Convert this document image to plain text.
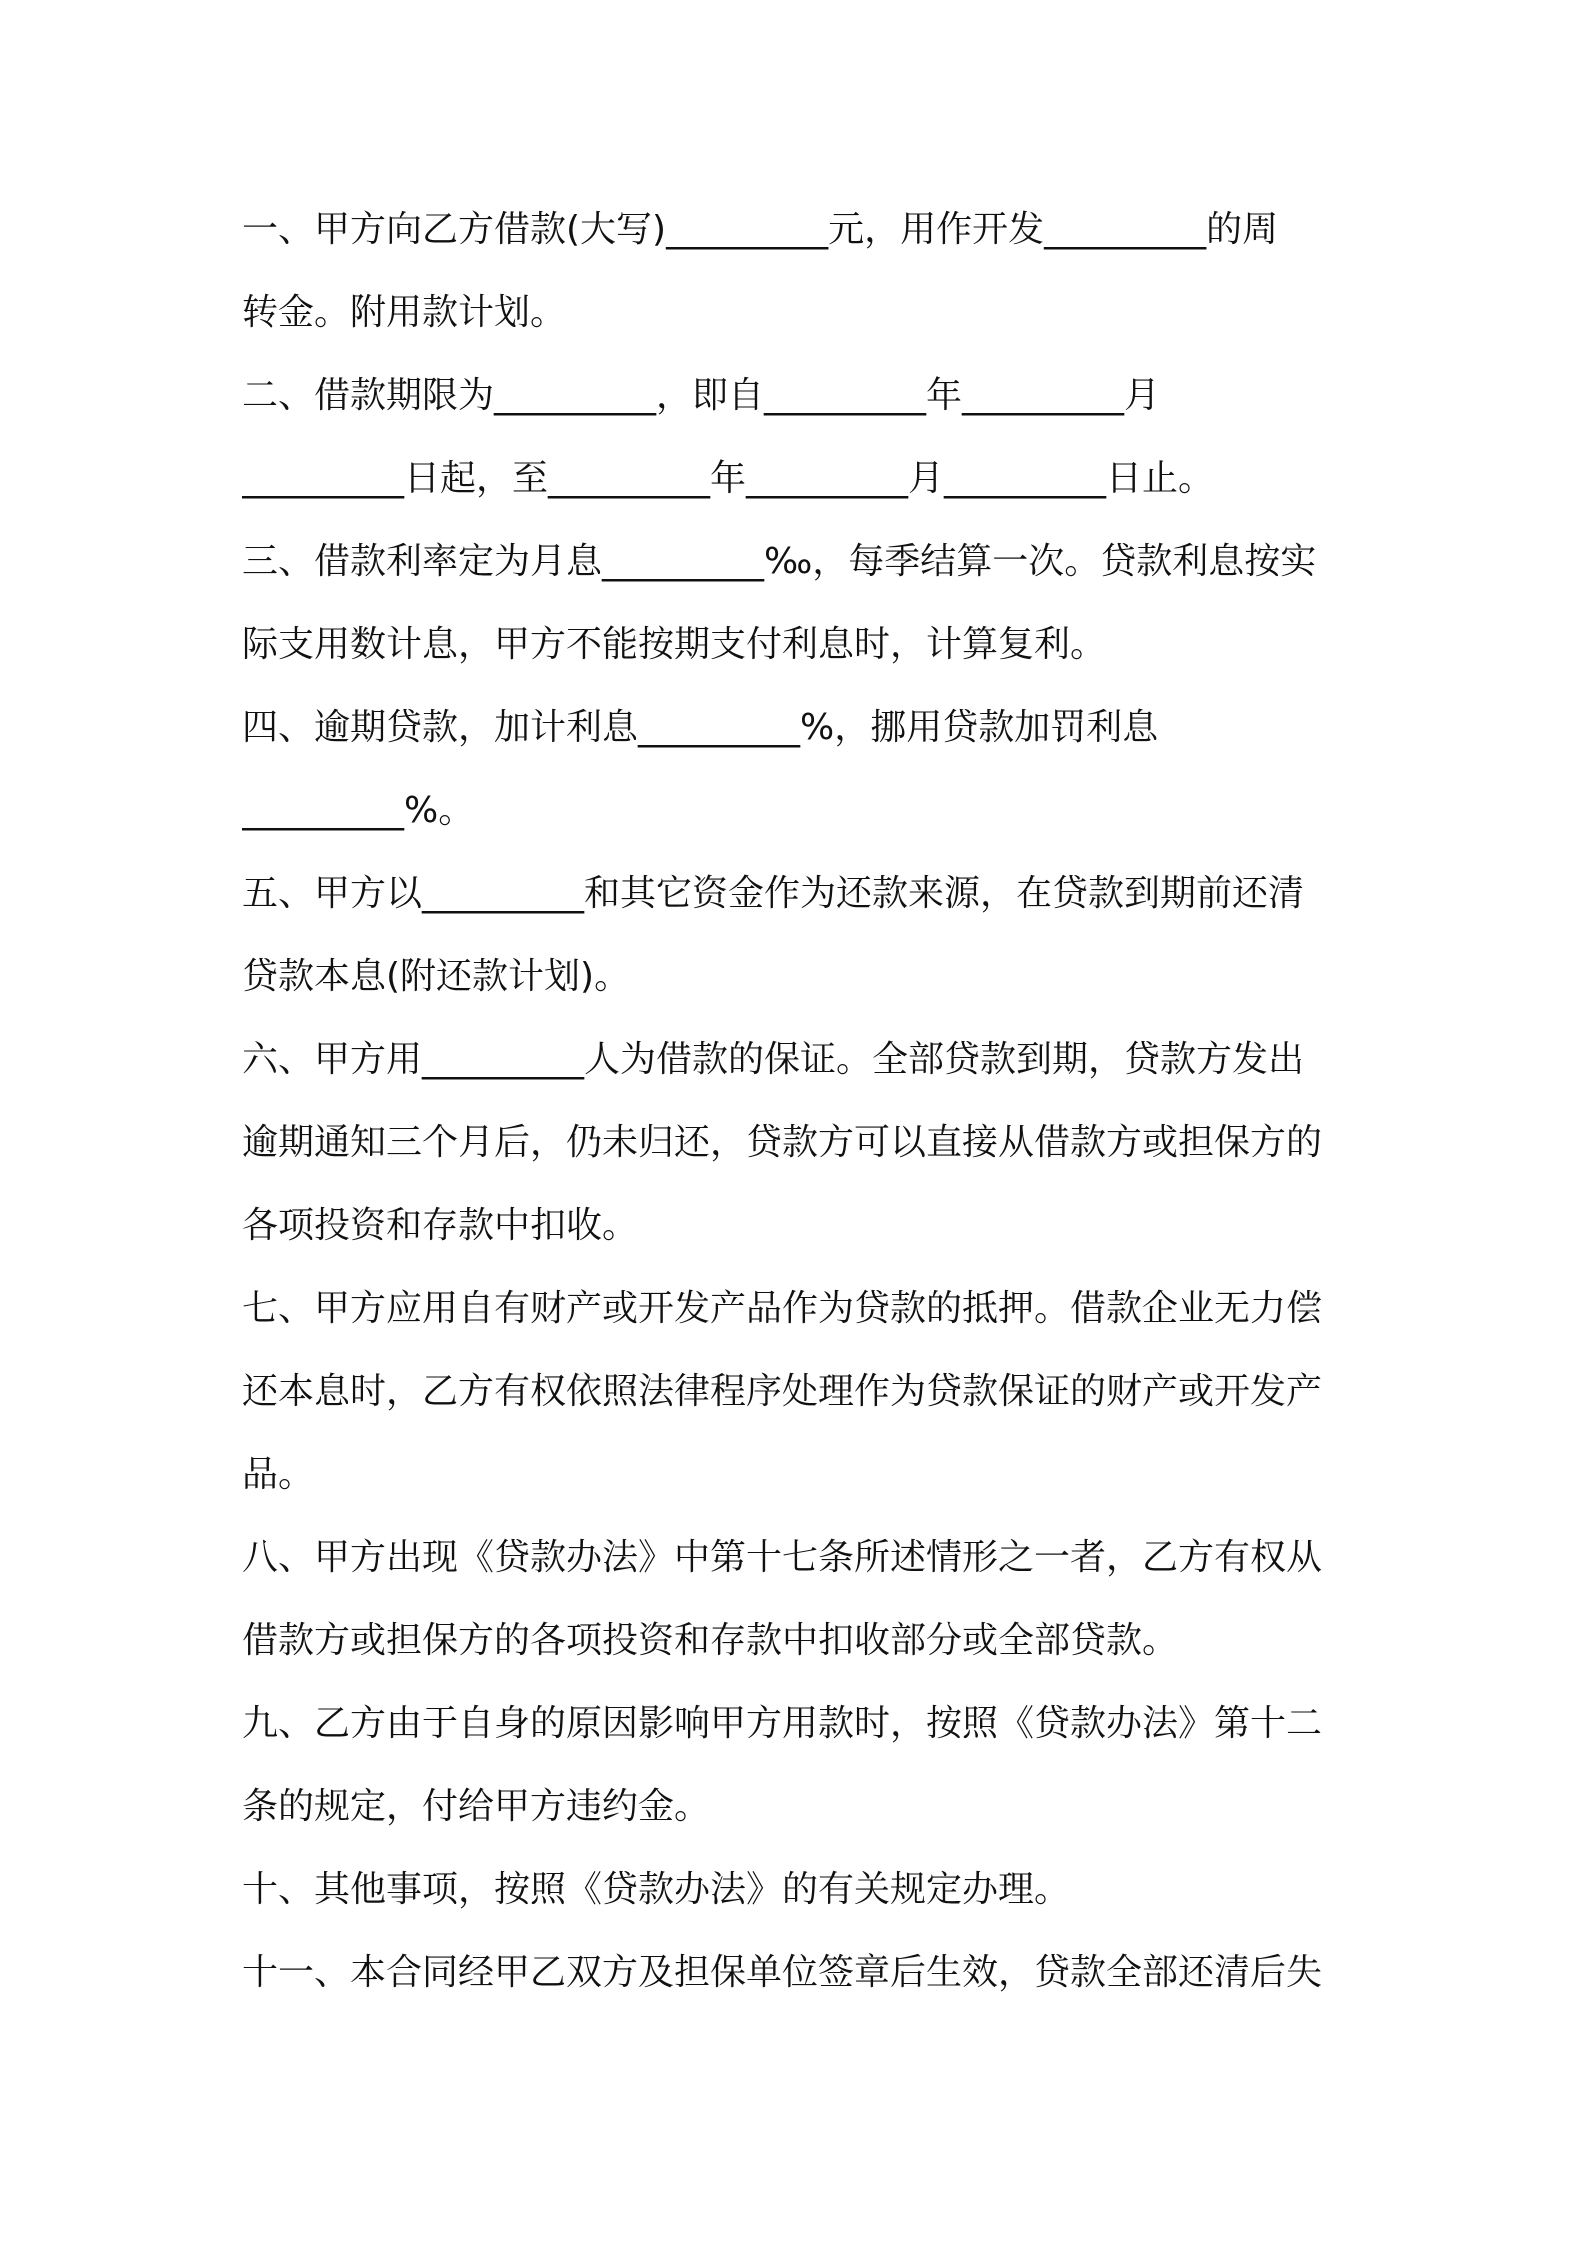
一、甲方向乙方借款(大写)_________元，用作开发_________的周
转金。附用款计划。
二、借款期限为_________，即自_________年_________月
_________日起，至_________年_________月_________日止。
三、借款利率定为月息_________‰，每季结算一次。贷款利息按实
际支用数计息，甲方不能按期支付利息时，计算复利。
四、逾期贷款，加计利息_________%，挪用贷款加罚利息
_________%。
五、甲方以_________和其它资金作为还款来源，在贷款到期前还清
贷款本息(附还款计划)。
六、甲方用_________人为借款的保证。全部贷款到期，贷款方发出
逾期通知三个月后，仍未归还，贷款方可以直接从借款方或担保方的
各项投资和存款中扣收。
七、甲方应用自有财产或开发产品作为贷款的抵押。借款企业无力偿
还本息时，乙方有权依照法律程序处理作为贷款保证的财产或开发产
品。
八、甲方出现《贷款办法》中第十七条所述情形之一者，乙方有权从
借款方或担保方的各项投资和存款中扣收部分或全部贷款。
九、乙方由于自身的原因影响甲方用款时，按照《贷款办法》第十二
条的规定，付给甲方违约金。
十、其他事项，按照《贷款办法》的有关规定办理。
十一、本合同经甲乙双方及担保单位签章后生效，贷款全部还清后失
